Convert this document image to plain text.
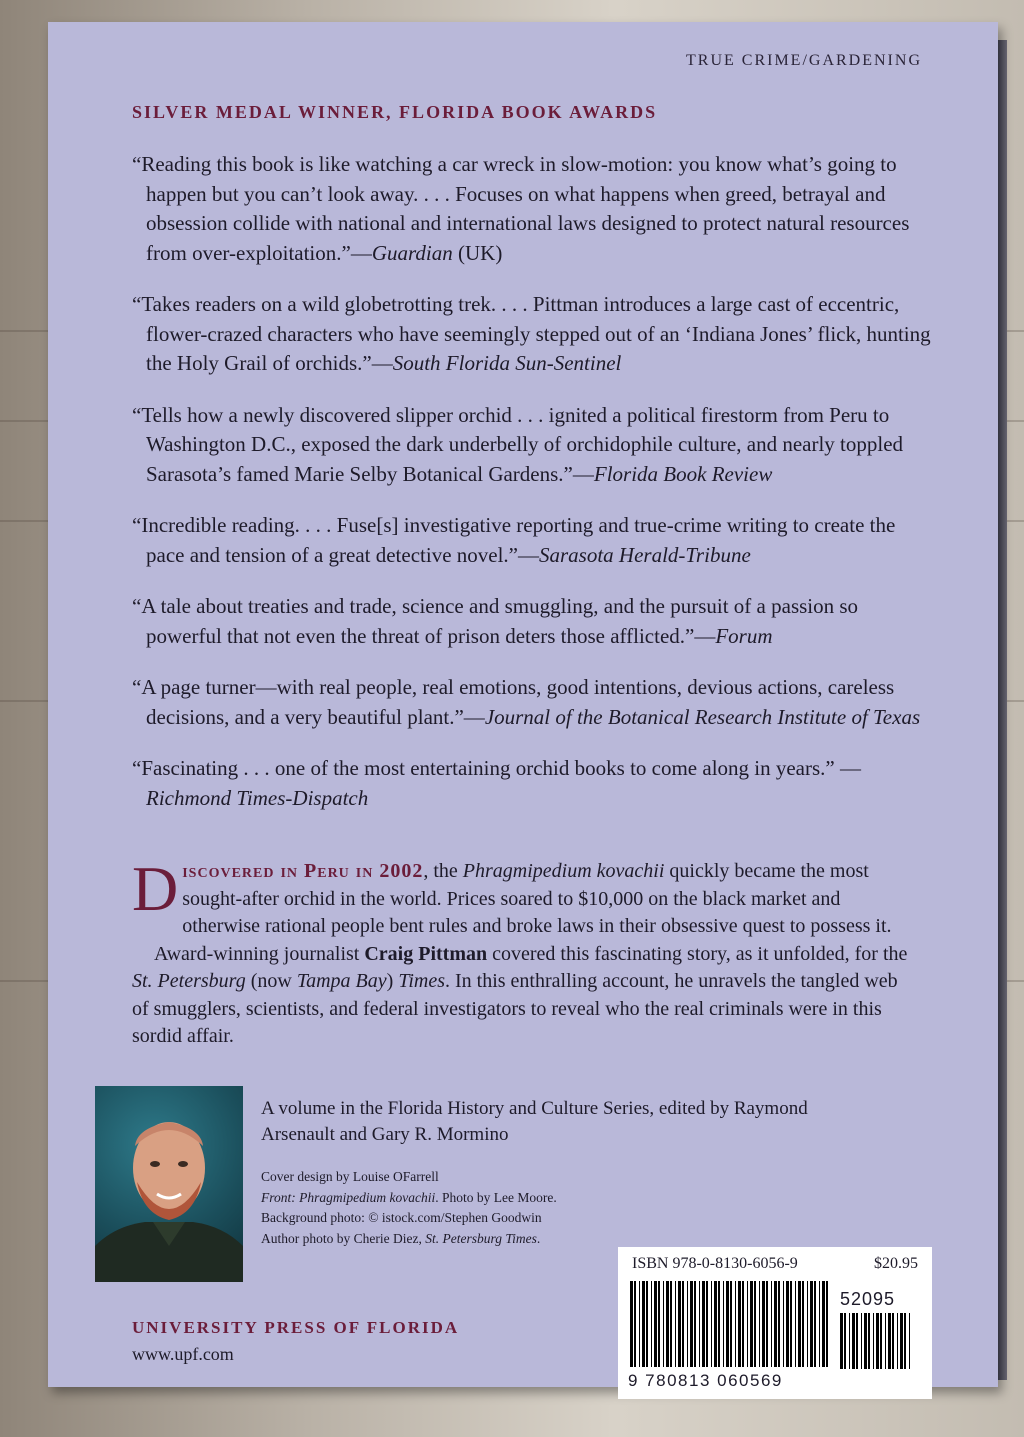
TRUE CRIME/GARDENING
SILVER MEDAL WINNER, FLORIDA BOOK AWARDS

“Reading this book is like watching a car wreck in slow-motion: you know what’s going to happen but you can’t look away. . . . Focuses on what happens when greed, betrayal and obsession collide with national and international laws designed to protect natural resources from over-exploitation.”—Guardian (UK)

“Takes readers on a wild globetrotting trek. . . . Pittman introduces a large cast of eccentric, flower-crazed characters who have seemingly stepped out of an ‘Indiana Jones’ flick, hunting the Holy Grail of orchids.”—South Florida Sun-Sentinel

“Tells how a newly discovered slipper orchid . . . ignited a political firestorm from Peru to Washington D.C., exposed the dark underbelly of orchidophile culture, and nearly toppled Sarasota’s famed Marie Selby Botanical Gardens.”—Florida Book Review

“Incredible reading. . . . Fuse[s] investigative reporting and true-crime writing to create the pace and tension of a great detective novel.”—Sarasota Herald-Tribune

“A tale about treaties and trade, science and smuggling, and the pursuit of a passion so powerful that not even the threat of prison deters those afflicted.”—Forum

“A page turner—with real people, real emotions, good intentions, devious actions, careless decisions, and a very beautiful plant.”—Journal of the Botanical Research Institute of Texas

“Fascinating . . . one of the most entertaining orchid books to come along in years.” —Richmond Times-Dispatch

Discovered in Peru in 2002, the Phragmipedium kovachii quickly became the most sought-after orchid in the world. Prices soared to $10,000 on the black market and otherwise rational people bent rules and broke laws in their obsessive quest to possess it.

Award-winning journalist Craig Pittman covered this fascinating story, as it unfolded, for the St. Petersburg (now Tampa Bay) Times. In this enthralling account, he unravels the tangled web of smugglers, scientists, and federal investigators to reveal who the real criminals were in this sordid affair.

A volume in the Florida History and Culture Series, edited by Raymond Arsenault and Gary R. Mormino
Cover design by Louise OFarrell
Front: Phragmipedium kovachii. Photo by Lee Moore.
Background photo: © istock.com/Stephen Goodwin
Author photo by Cherie Diez, St. Petersburg Times.
ISBN 978-0-8130-6056-9	$20.95
52095
9 780813 060569
UNIVERSITY PRESS OF FLORIDA
www.upf.com
